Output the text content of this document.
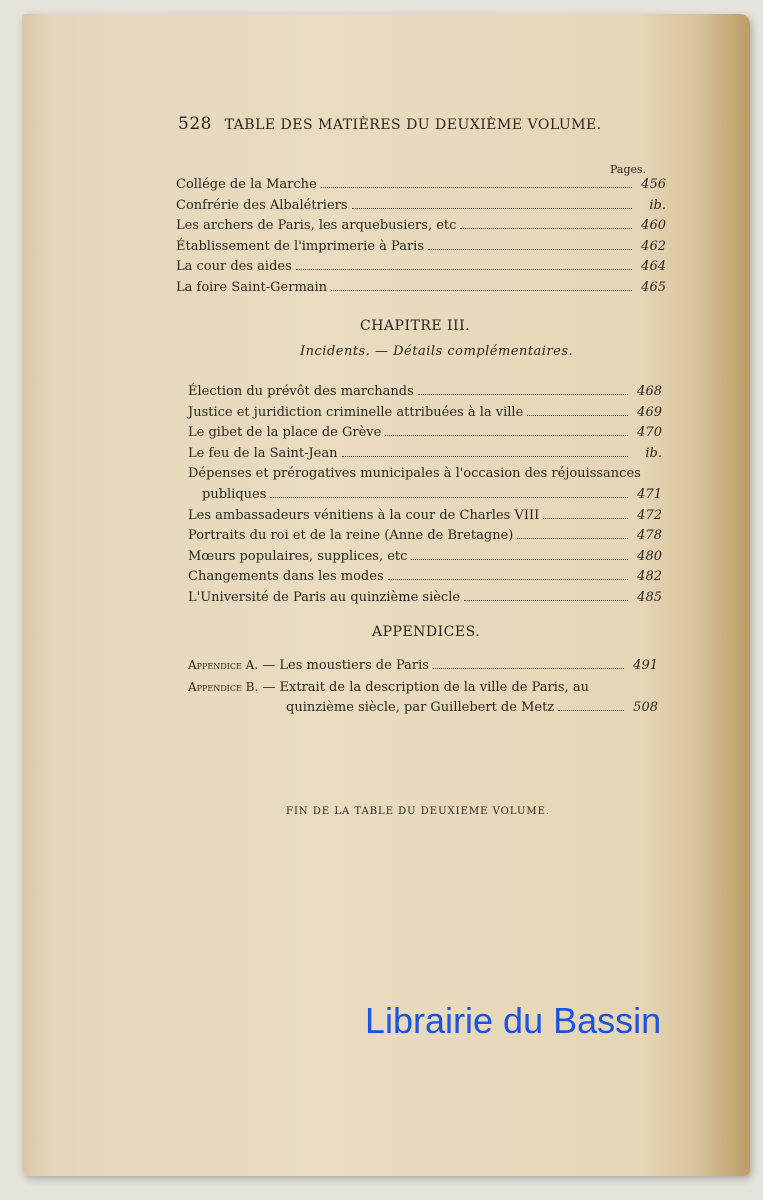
528 TABLE DES MATIÈRES DU DEUXIÈME VOLUME.
Pages.
Collége de la Marche	456
Confrérie des Albalétriers	ib.
Les archers de Paris, les arquebusiers, etc	460
Établissement de l'imprimerie à Paris	462
La cour des aides	464
La foire Saint-Germain	465
CHAPITRE III.
Incidents. — Détails complémentaires.
Élection du prévôt des marchands	468
Justice et juridiction criminelle attribuées à la ville	469
Le gibet de la place de Grève	470
Le feu de la Saint-Jean	ib.
Dépenses et prérogatives municipales à l'occasion des réjouissances
publiques	471
Les ambassadeurs vénitiens à la cour de Charles VIII	472
Portraits du roi et de la reine (Anne de Bretagne)	478
Mœurs populaires, supplices, etc	480
Changements dans les modes	482
L'Université de Paris au quinzième siècle	485
APPENDICES.
Appendice A. — Les moustiers de Paris	491
Appendice B. — Extrait de la description de la ville de Paris, au
quinzième siècle, par Guillebert de Metz	508
FIN DE LA TABLE DU DEUXIEME VOLUME.
Librairie du Bassin
